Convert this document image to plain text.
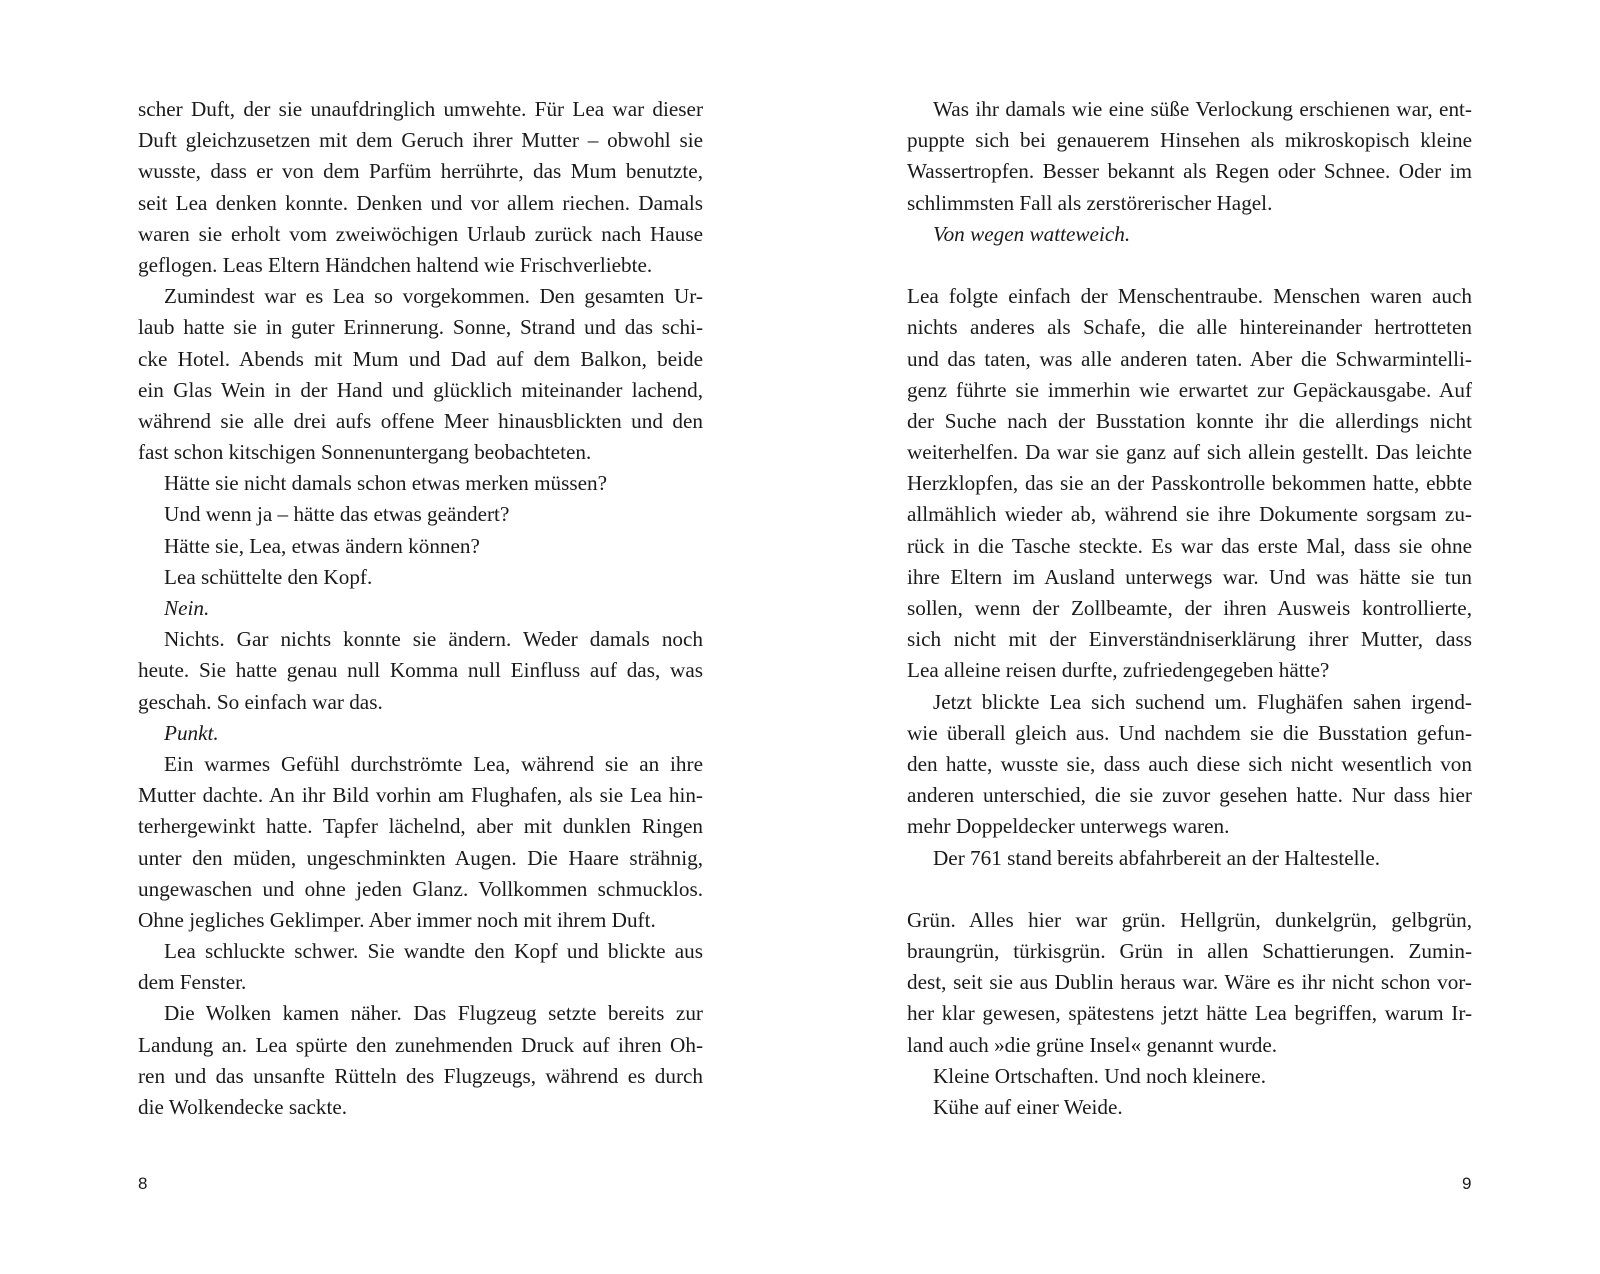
scher Duft, der sie unaufdringlich umwehte. Für Lea war dieser
Duft gleichzusetzen mit dem Geruch ihrer Mutter – obwohl sie
wusste, dass er von dem Parfüm herrührte, das Mum benutzte,
seit Lea denken konnte. Denken und vor allem riechen. Damals
waren sie erholt vom zweiwöchigen Urlaub zurück nach Hause
geflogen. Leas Eltern Händchen haltend wie Frischverliebte.
Zumindest war es Lea so vorgekommen. Den gesamten Ur-
laub hatte sie in guter Erinnerung. Sonne, Strand und das schi-
cke Hotel. Abends mit Mum und Dad auf dem Balkon, beide
ein Glas Wein in der Hand und glücklich miteinander lachend,
während sie alle drei aufs offene Meer hinausblickten und den
fast schon kitschigen Sonnenuntergang beobachteten.
Hätte sie nicht damals schon etwas merken müssen?
Und wenn ja – hätte das etwas geändert?
Hätte sie, Lea, etwas ändern können?
Lea schüttelte den Kopf.
Nein.
Nichts. Gar nichts konnte sie ändern. Weder damals noch
heute. Sie hatte genau null Komma null Einfluss auf das, was
geschah. So einfach war das.
Punkt.
Ein warmes Gefühl durchströmte Lea, während sie an ihre
Mutter dachte. An ihr Bild vorhin am Flughafen, als sie Lea hin-
terhergewinkt hatte. Tapfer lächelnd, aber mit dunklen Ringen
unter den müden, ungeschminkten Augen. Die Haare strähnig,
ungewaschen und ohne jeden Glanz. Vollkommen schmucklos.
Ohne jegliches Geklimper. Aber immer noch mit ihrem Duft.
Lea schluckte schwer. Sie wandte den Kopf und blickte aus
dem Fenster.
Die Wolken kamen näher. Das Flugzeug setzte bereits zur
Landung an. Lea spürte den zunehmenden Druck auf ihren Oh-
ren und das unsanfte Rütteln des Flugzeugs, während es durch
die Wolkendecke sackte.
Was ihr damals wie eine süße Verlockung erschienen war, ent-
puppte sich bei genauerem Hinsehen als mikroskopisch kleine
Wassertropfen. Besser bekannt als Regen oder Schnee. Oder im
schlimmsten Fall als zerstörerischer Hagel.
Von wegen watteweich.
Lea folgte einfach der Menschentraube. Menschen waren auch
nichts anderes als Schafe, die alle hintereinander hertrotteten
und das taten, was alle anderen taten. Aber die Schwarmintelli-
genz führte sie immerhin wie erwartet zur Gepäckausgabe. Auf
der Suche nach der Busstation konnte ihr die allerdings nicht
weiterhelfen. Da war sie ganz auf sich allein gestellt. Das leichte
Herzklopfen, das sie an der Passkontrolle bekommen hatte, ebbte
allmählich wieder ab, während sie ihre Dokumente sorgsam zu-
rück in die Tasche steckte. Es war das erste Mal, dass sie ohne
ihre Eltern im Ausland unterwegs war. Und was hätte sie tun
sollen, wenn der Zollbeamte, der ihren Ausweis kontrollierte,
sich nicht mit der Einverständniserklärung ihrer Mutter, dass
Lea alleine reisen durfte, zufriedengegeben hätte?
Jetzt blickte Lea sich suchend um. Flughäfen sahen irgend-
wie überall gleich aus. Und nachdem sie die Busstation gefun-
den hatte, wusste sie, dass auch diese sich nicht wesentlich von
anderen unterschied, die sie zuvor gesehen hatte. Nur dass hier
mehr Doppeldecker unterwegs waren.
Der 761 stand bereits abfahrbereit an der Haltestelle.
Grün. Alles hier war grün. Hellgrün, dunkelgrün, gelbgrün,
braungrün, türkisgrün. Grün in allen Schattierungen. Zumin-
dest, seit sie aus Dublin heraus war. Wäre es ihr nicht schon vor-
her klar gewesen, spätestens jetzt hätte Lea begriffen, warum Ir-
land auch »die grüne Insel« genannt wurde.
Kleine Ortschaften. Und noch kleinere.
Kühe auf einer Weide.
8	9
